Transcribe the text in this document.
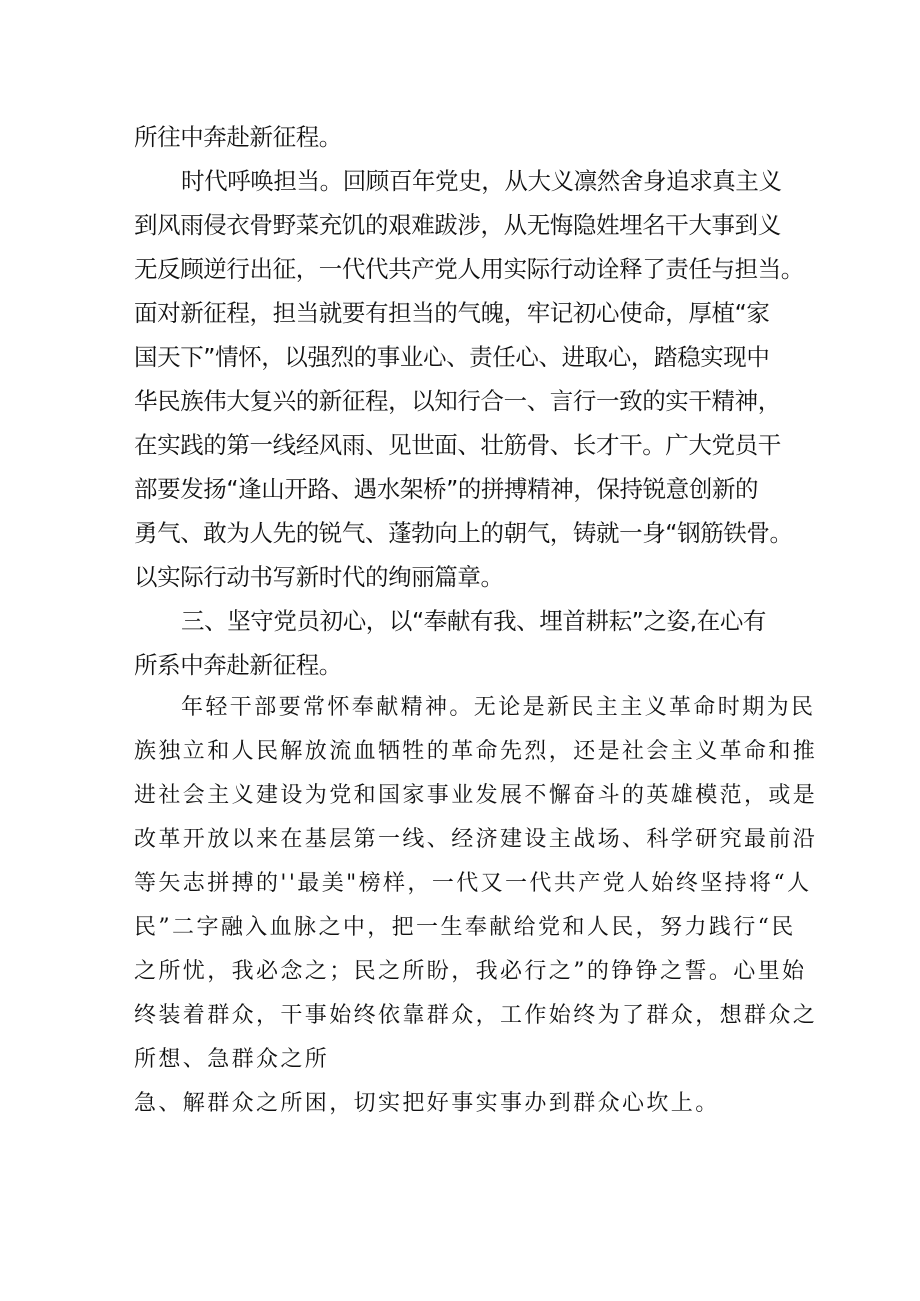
所往中奔赴新征程。
时代呼唤担当。回顾百年党史，从大义凛然舍身追求真主义
到风雨侵衣骨野菜充饥的艰难跋涉，从无悔隐姓埋名干大事到义
无反顾逆行出征，一代代共产党人用实际行动诠释了责任与担当。
面对新征程，担当就要有担当的气魄，牢记初心使命，厚植“家
国天下”情怀，以强烈的事业心、责任心、进取心，踏稳实现中
华民族伟大复兴的新征程，以知行合一、言行一致的实干精神，
在实践的第一线经风雨、见世面、壮筋骨、长才干。广大党员干
部要发扬“逢山开路、遇水架桥”的拼搏精神，保持锐意创新的
勇气、敢为人先的锐气、蓬勃向上的朝气，铸就一身“钢筋铁骨。
以实际行动书写新时代的绚丽篇章。
三、坚守党员初心，以“奉献有我、埋首耕耘”之姿,在心有
所系中奔赴新征程。
年轻干部要常怀奉献精神。无论是新民主主义革命时期为民
族独立和人民解放流血牺牲的革命先烈，还是社会主义革命和推
进社会主义建设为党和国家事业发展不懈奋斗的英雄模范，或是
改革开放以来在基层第一线、经济建设主战场、科学研究最前沿
等矢志拼搏的''最美"榜样，一代又一代共产党人始终坚持将“人
民”二字融入血脉之中，把一生奉献给党和人民，努力践行“民
之所忧，我必念之；民之所盼，我必行之”的铮铮之誓。心里始
终装着群众，干事始终依靠群众，工作始终为了群众，想群众之
所想、急群众之所
急、解群众之所困，切实把好事实事办到群众心坎上。
